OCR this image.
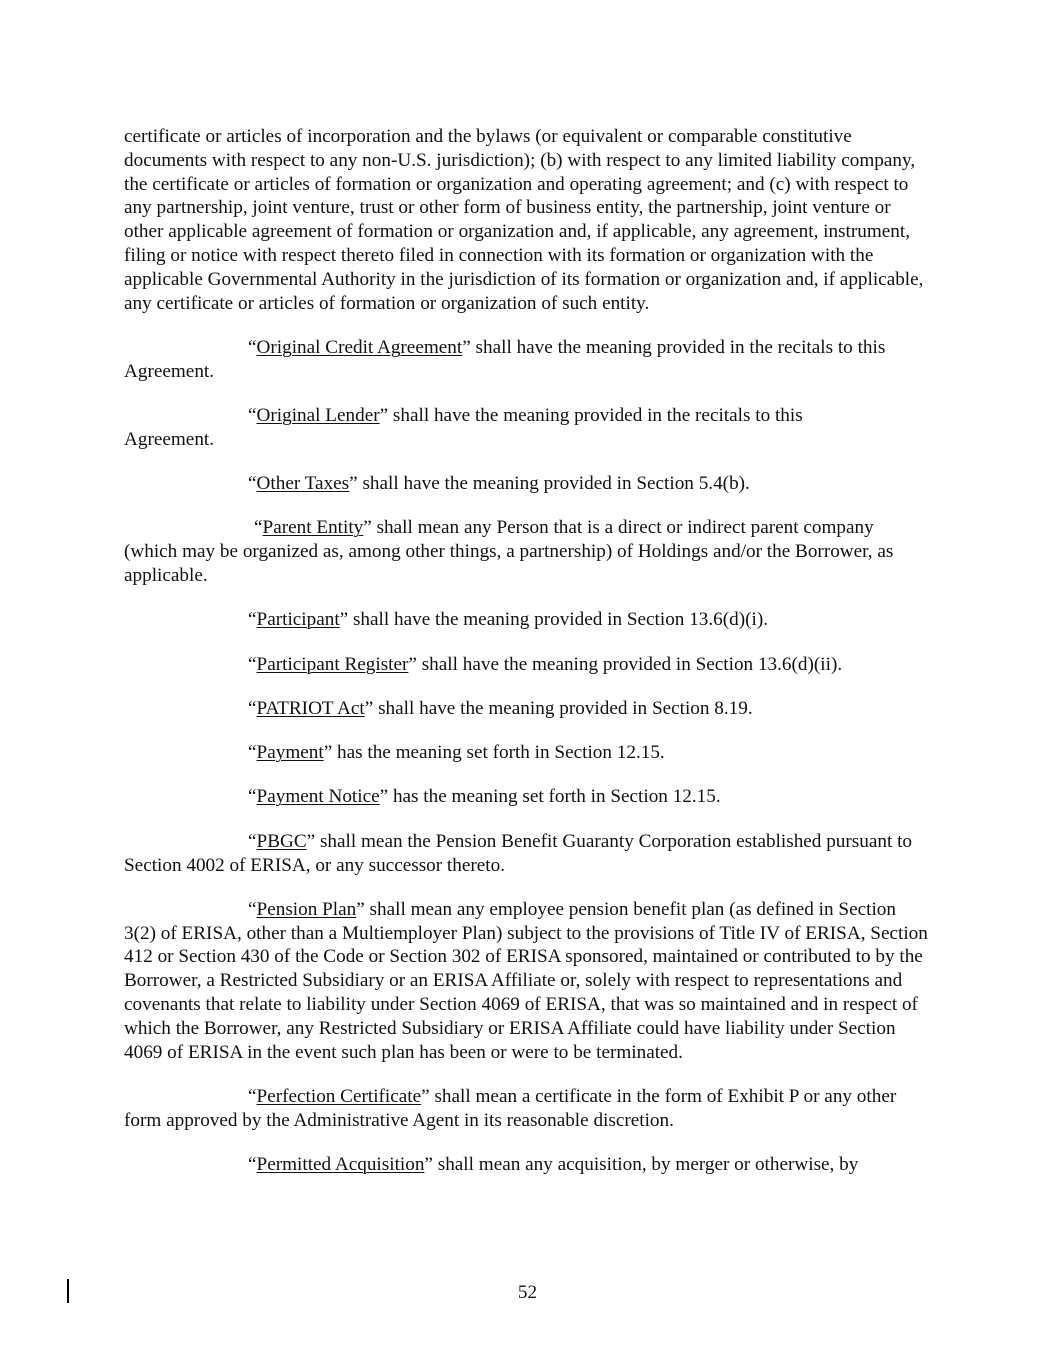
certificate or articles of incorporation and the bylaws (or equivalent or comparable constitutive documents with respect to any non-U.S. jurisdiction); (b) with respect to any limited liability company, the certificate or articles of formation or organization and operating agreement; and (c) with respect to any partnership, joint venture, trust or other form of business entity, the partnership, joint venture or other applicable agreement of formation or organization and, if applicable, any agreement, instrument, filing or notice with respect thereto filed in connection with its formation or organization with the applicable Governmental Authority in the jurisdiction of its formation or organization and, if applicable, any certificate or articles of formation or organization of such entity.

“Original Credit Agreement” shall have the meaning provided in the recitals to this Agreement.

“Original Lender” shall have the meaning provided in the recitals to this Agreement.

“Other Taxes” shall have the meaning provided in Section 5.4(b).

“Parent Entity” shall mean any Person that is a direct or indirect parent company (which may be organized as, among other things, a partnership) of Holdings and/or the Borrower, as applicable.

“Participant” shall have the meaning provided in Section 13.6(d)(i).

“Participant Register” shall have the meaning provided in Section 13.6(d)(ii).

“PATRIOT Act” shall have the meaning provided in Section 8.19.

“Payment” has the meaning set forth in Section 12.15.

“Payment Notice” has the meaning set forth in Section 12.15.

“PBGC” shall mean the Pension Benefit Guaranty Corporation established pursuant to Section 4002 of ERISA, or any successor thereto.

“Pension Plan” shall mean any employee pension benefit plan (as defined in Section 3(2) of ERISA, other than a Multiemployer Plan) subject to the provisions of Title IV of ERISA, Section 412 or Section 430 of the Code or Section 302 of ERISA sponsored, maintained or contributed to by the Borrower, a Restricted Subsidiary or an ERISA Affiliate or, solely with respect to representations and covenants that relate to liability under Section 4069 of ERISA, that was so maintained and in respect of which the Borrower, any Restricted Subsidiary or ERISA Affiliate could have liability under Section 4069 of ERISA in the event such plan has been or were to be terminated.

“Perfection Certificate” shall mean a certificate in the form of Exhibit P or any other form approved by the Administrative Agent in its reasonable discretion.

“Permitted Acquisition” shall mean any acquisition, by merger or otherwise, by

52
